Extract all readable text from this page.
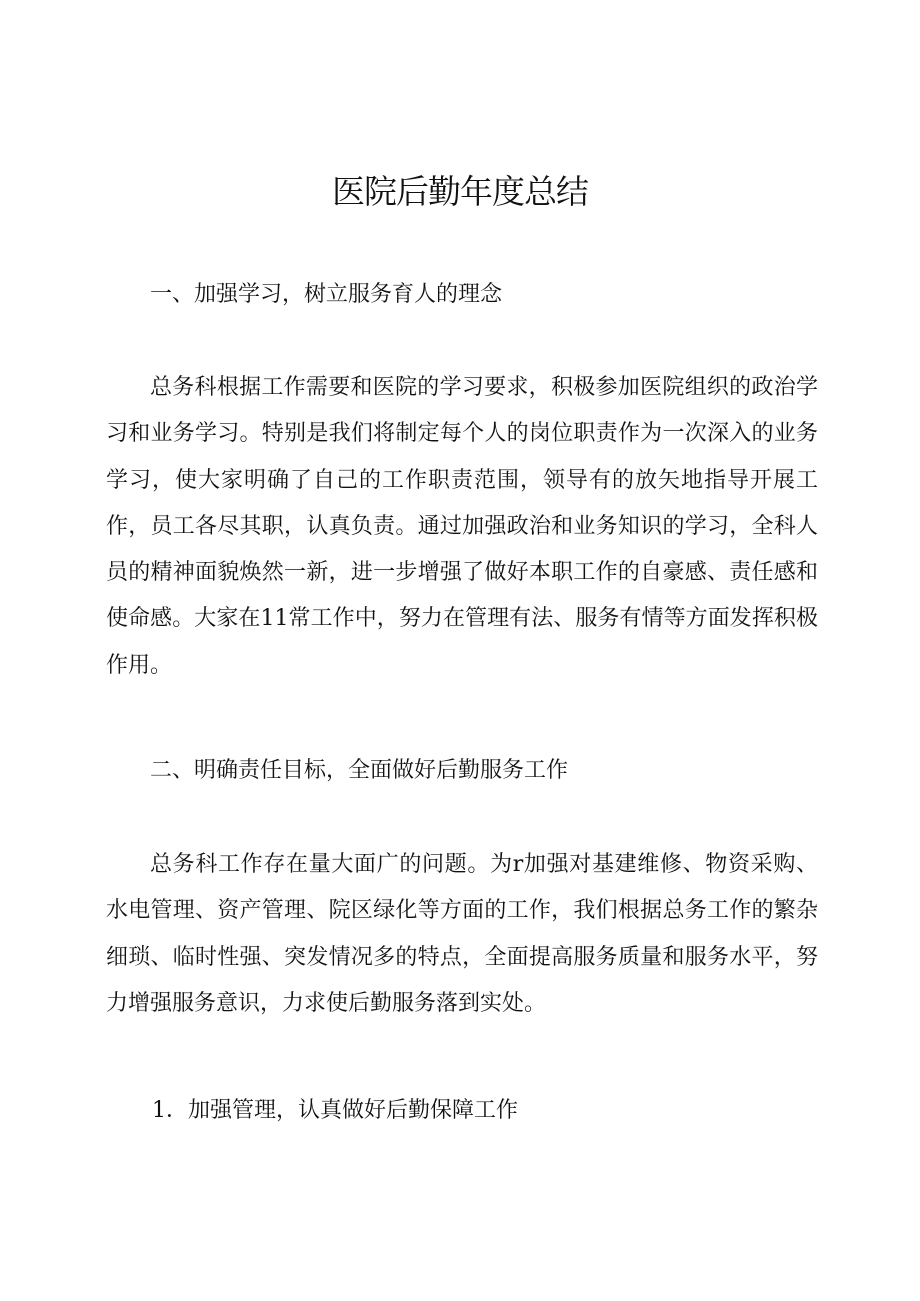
医院后勤年度总结
一、加强学习，树立服务育人的理念

总务科根据工作需要和医院的学习要求，积极参加医院组织的政治学习和业务学习。特别是我们将制定每个人的岗位职责作为一次深入的业务学习，使大家明确了自己的工作职责范围，领导有的放矢地指导开展工作，员工各尽其职，认真负责。通过加强政治和业务知识的学习，全科人员的精神面貌焕然一新，进一步增强了做好本职工作的自豪感、责任感和使命感。大家在11常工作中，努力在管理有法、服务有情等方面发挥积极作用。

二、明确责任目标，全面做好后勤服务工作

总务科工作存在量大面广的问题。为r加强对基建维修、物资采购、水电管理、资产管理、院区绿化等方面的工作，我们根据总务工作的繁杂细琐、临时性强、突发情况多的特点，全面提高服务质量和服务水平，努力增强服务意识，力求使后勤服务落到实处。

1．加强管理，认真做好后勤保障工作
